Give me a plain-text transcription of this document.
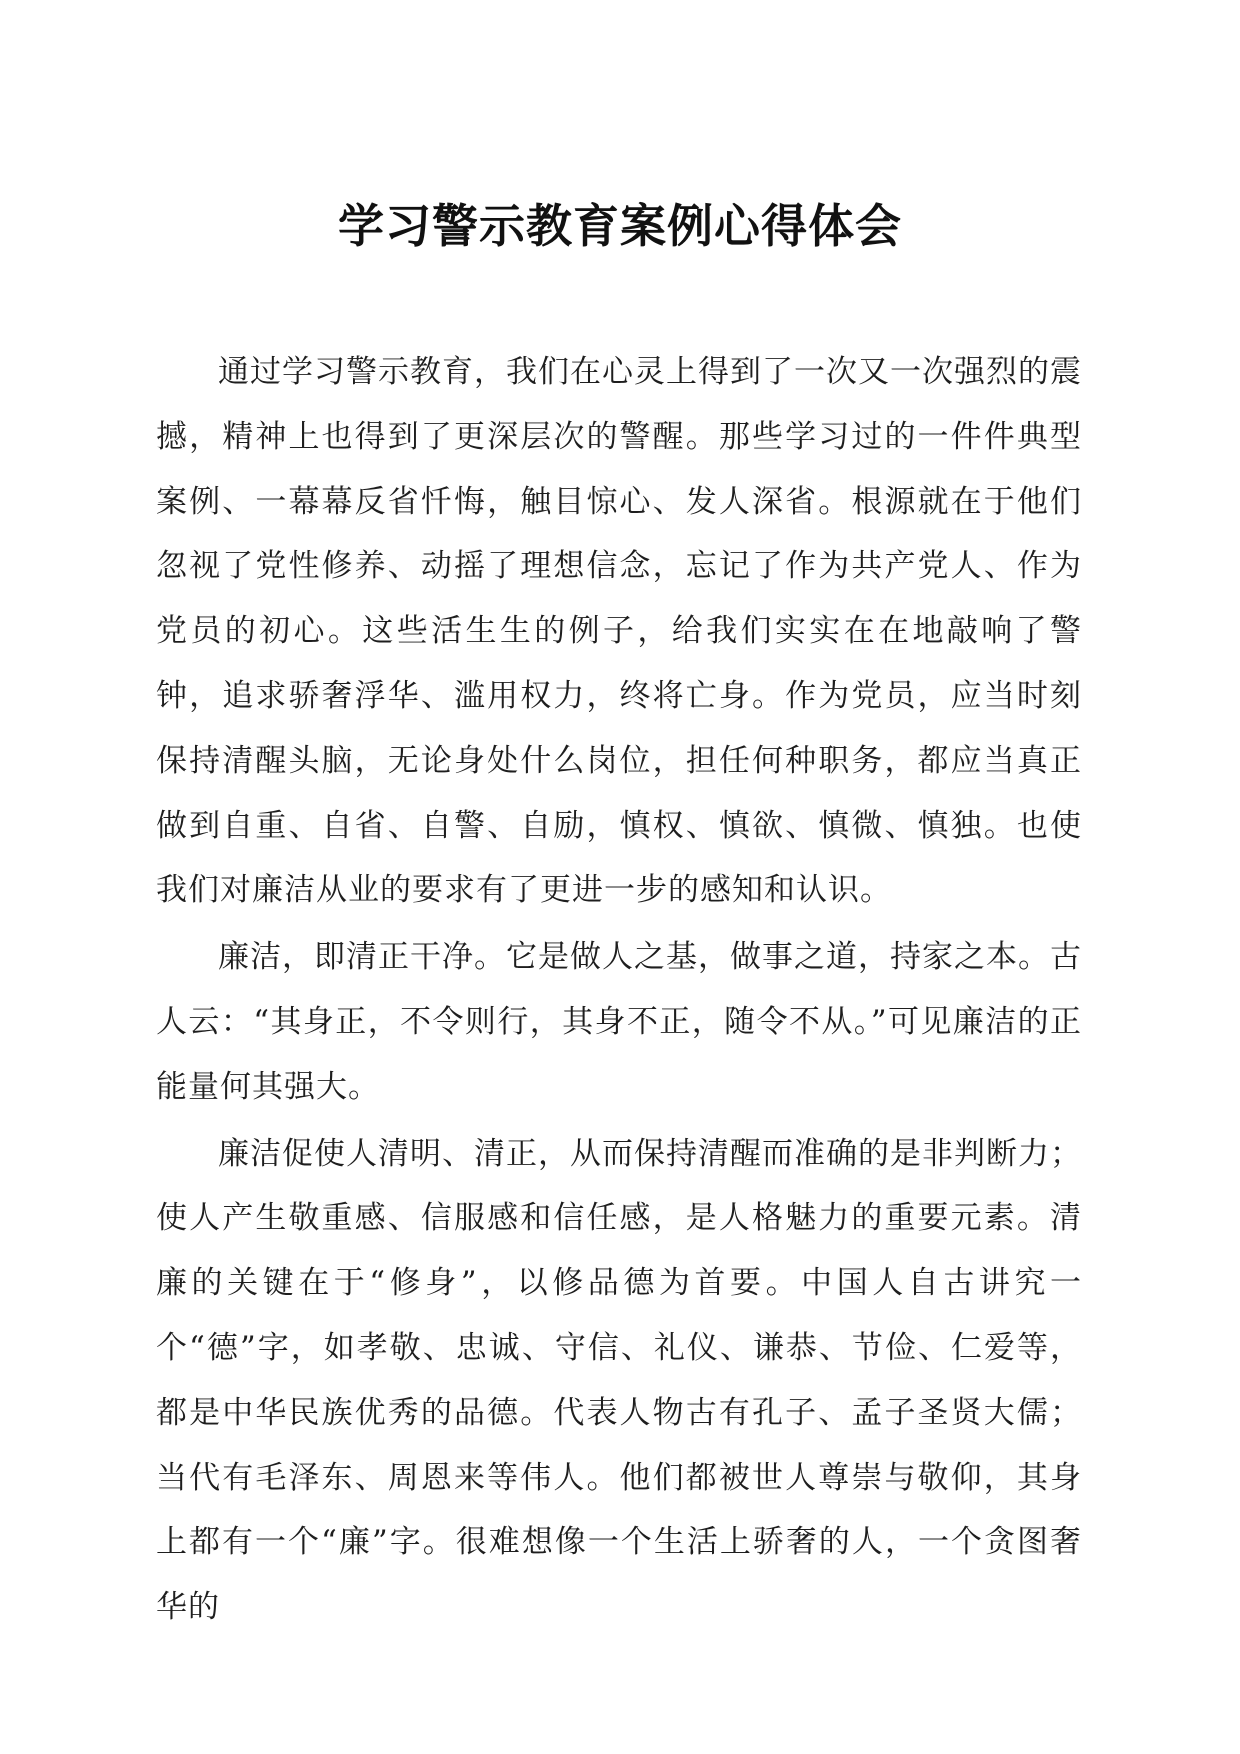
学习警示教育案例心得体会

通过学习警示教育，我们在心灵上得到了一次又一次强烈的震撼，精神上也得到了更深层次的警醒。那些学习过的一件件典型案例、一幕幕反省忏悔，触目惊心、发人深省。根源就在于他们忽视了党性修养、动摇了理想信念，忘记了作为共产党人、作为党员的初心。这些活生生的例子，给我们实实在在地敲响了警钟，追求骄奢浮华、滥用权力，终将亡身。作为党员，应当时刻保持清醒头脑，无论身处什么岗位，担任何种职务，都应当真正做到自重、自省、自警、自励，慎权、慎欲、慎微、慎独。也使我们对廉洁从业的要求有了更进一步的感知和认识。

廉洁，即清正干净。它是做人之基，做事之道，持家之本。古人云：“其身正，不令则行，其身不正，随令不从。”可见廉洁的正能量何其强大。

廉洁促使人清明、清正，从而保持清醒而准确的是非判断力；使人产生敬重感、信服感和信任感，是人格魅力的重要元素。清廉的关键在于“修身”，以修品德为首要。中国人自古讲究一个“德”字，如孝敬、忠诚、守信、礼仪、谦恭、节俭、仁爱等，都是中华民族优秀的品德。代表人物古有孔子、孟子圣贤大儒；当代有毛泽东、周恩来等伟人。他们都被世人尊崇与敬仰，其身上都有一个“廉”字。很难想像一个生活上骄奢的人，一个贪图奢华的
